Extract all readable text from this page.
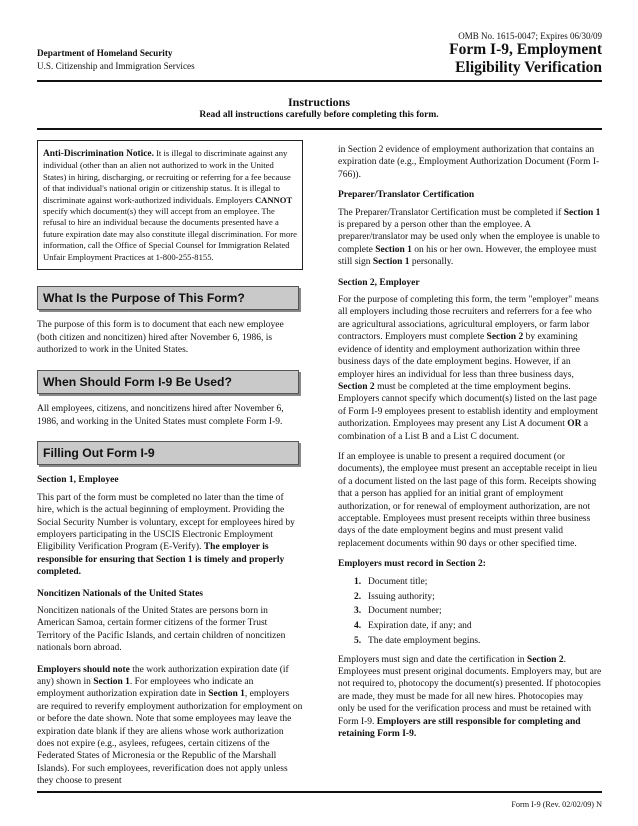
OMB No. 1615-0047; Expires 06/30/09
Department of Homeland Security
U.S. Citizenship and Immigration Services
Form I-9, Employment
Eligibility Verification
Instructions
Read all instructions carefully before completing this form.
Anti-Discrimination Notice. It is illegal to discriminate against any individual (other than an alien not authorized to work in the United States) in hiring, discharging, or recruiting or referring for a fee because of that individual's national origin or citizenship status. It is illegal to discriminate against work-authorized individuals. Employers CANNOT specify which document(s) they will accept from an employee. The refusal to hire an individual because the documents presented have a future expiration date may also constitute illegal discrimination. For more information, call the Office of Special Counsel for Immigration Related Unfair Employment Practices at 1-800-255-8155.
What Is the Purpose of This Form?
The purpose of this form is to document that each new employee (both citizen and noncitizen) hired after November 6, 1986, is authorized to work in the United States.
When Should Form I-9 Be Used?
All employees, citizens, and noncitizens hired after November 6, 1986, and working in the United States must complete Form I-9.
Filling Out Form I-9
Section 1, Employee
This part of the form must be completed no later than the time of hire, which is the actual beginning of employment. Providing the Social Security Number is voluntary, except for employees hired by employers participating in the USCIS Electronic Employment Eligibility Verification Program (E-Verify). The employer is responsible for ensuring that Section 1 is timely and properly completed.
Noncitizen Nationals of the United States
Noncitizen nationals of the United States are persons born in American Samoa, certain former citizens of the former Trust Territory of the Pacific Islands, and certain children of noncitizen nationals born abroad.
Employers should note the work authorization expiration date (if any) shown in Section 1. For employees who indicate an employment authorization expiration date in Section 1, employers are required to reverify employment authorization for employment on or before the date shown. Note that some employees may leave the expiration date blank if they are aliens whose work authorization does not expire (e.g., asylees, refugees, certain citizens of the Federated States of Micronesia or the Republic of the Marshall Islands). For such employees, reverification does not apply unless they choose to present
in Section 2 evidence of employment authorization that contains an expiration date (e.g., Employment Authorization Document (Form I-766)).
Preparer/Translator Certification
The Preparer/Translator Certification must be completed if Section 1 is prepared by a person other than the employee. A preparer/translator may be used only when the employee is unable to complete Section 1 on his or her own. However, the employee must still sign Section 1 personally.
Section 2, Employer
For the purpose of completing this form, the term "employer" means all employers including those recruiters and referrers for a fee who are agricultural associations, agricultural employers, or farm labor contractors. Employers must complete Section 2 by examining evidence of identity and employment authorization within three business days of the date employment begins. However, if an employer hires an individual for less than three business days, Section 2 must be completed at the time employment begins. Employers cannot specify which document(s) listed on the last page of Form I-9 employees present to establish identity and employment authorization. Employees may present any List A document OR a combination of a List B and a List C document.
If an employee is unable to present a required document (or documents), the employee must present an acceptable receipt in lieu of a document listed on the last page of this form. Receipts showing that a person has applied for an initial grant of employment authorization, or for renewal of employment authorization, are not acceptable. Employees must present receipts within three business days of the date employment begins and must present valid replacement documents within 90 days or other specified time.
Employers must record in Section 2:
1. Document title;
2. Issuing authority;
3. Document number;
4. Expiration date, if any; and
5. The date employment begins.
Employers must sign and date the certification in Section 2. Employees must present original documents. Employers may, but are not required to, photocopy the document(s) presented. If photocopies are made, they must be made for all new hires. Photocopies may only be used for the verification process and must be retained with Form I-9. Employers are still responsible for completing and retaining Form I-9.
Form I-9 (Rev. 02/02/09) N
